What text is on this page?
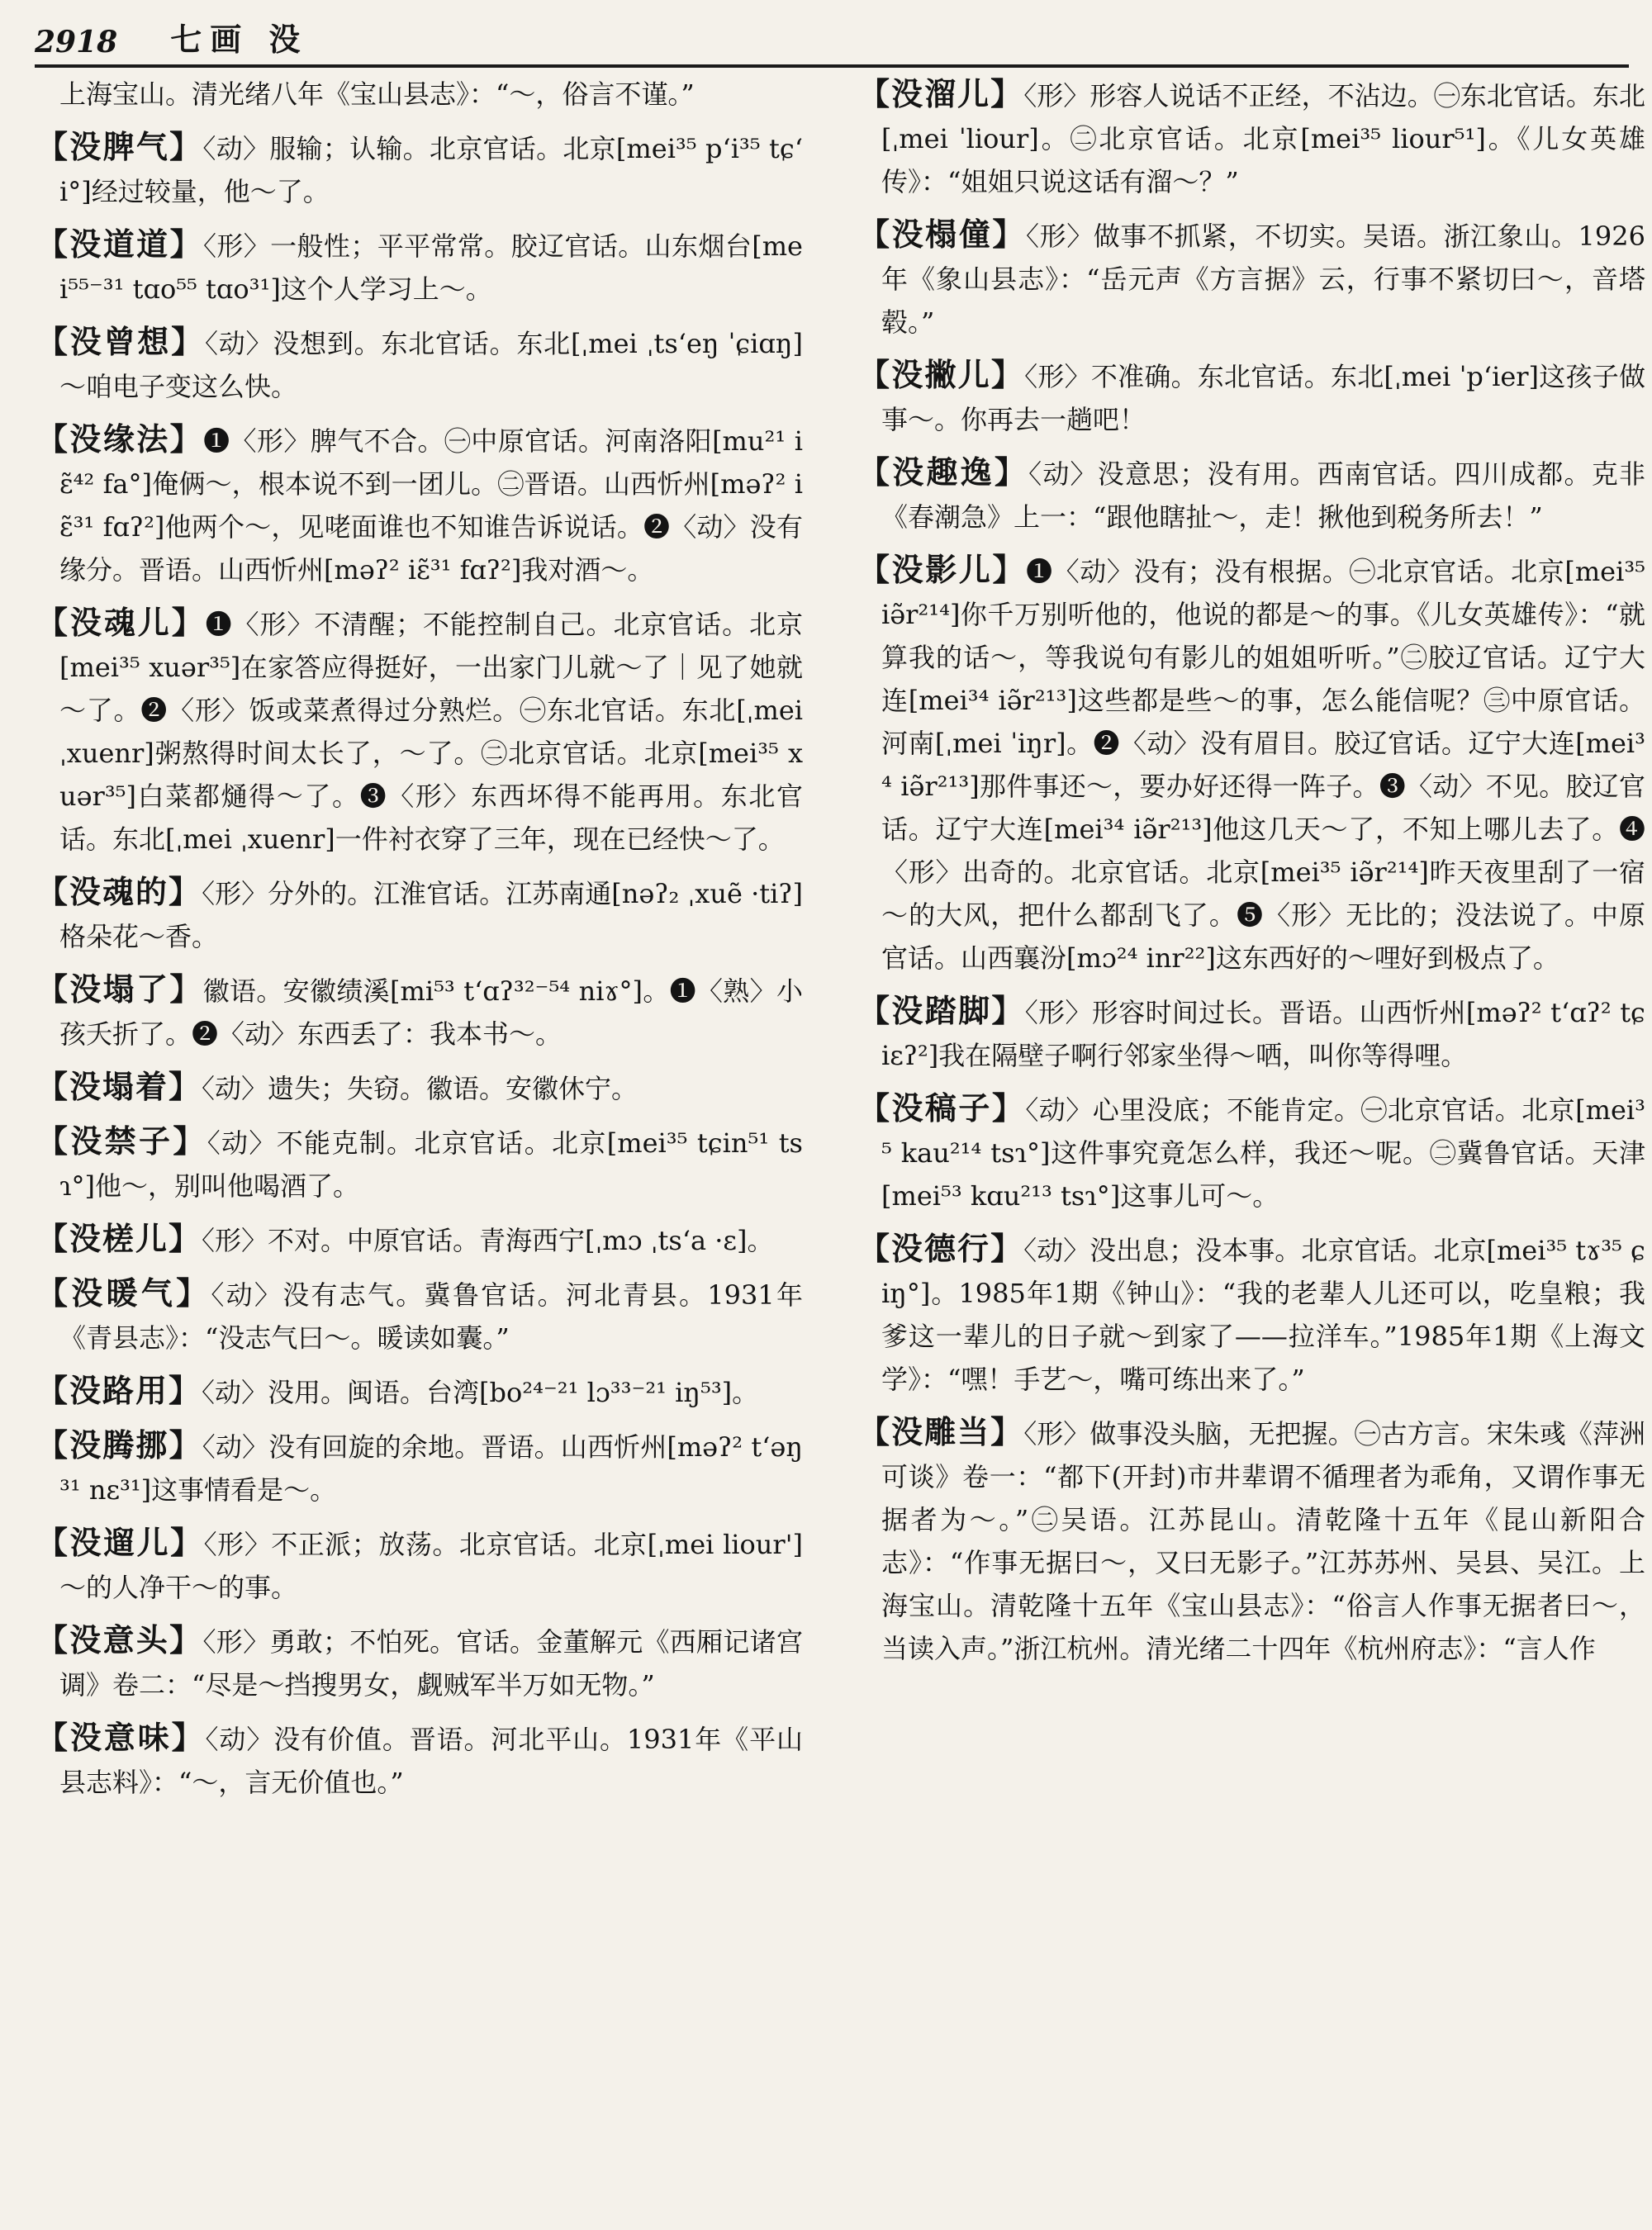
2918 七画 没

上海宝山。清光绪八年《宝山县志》：“～，俗言不谨。”

【没脾气】〈动〉服输；认输。北京官话。北京[mei³⁵ pʻi³⁵ tɕʻi°]经过较量，他～了。

【没道道】〈形〉一般性；平平常常。胶辽官话。山东烟台[mei⁵⁵⁻³¹ tɑo⁵⁵ tɑo³¹]这个人学习上～。

【没曾想】〈动〉没想到。东北官话。东北[ˌmei ˌtsʻeŋ ˈɕiɑŋ]～咱电子变这么快。

【没缘法】❶〈形〉脾气不合。㊀中原官话。河南洛阳[mu²¹ iɛ̃⁴² fa°]俺俩～，根本说不到一团儿。㊁晋语。山西忻州[məʔ² iɛ̃³¹ fɑʔ²]他两个～，见咾面谁也不知谁告诉说话。❷〈动〉没有缘分。晋语。山西忻州[məʔ² iɛ̃³¹ fɑʔ²]我对酒～。

【没魂儿】❶〈形〉不清醒；不能控制自己。北京官话。北京[mei³⁵ xuər³⁵]在家答应得挺好，一出家门儿就～了｜见了她就～了。❷〈形〉饭或菜煮得过分熟烂。㊀东北官话。东北[ˌmei ˌxuenr]粥熬得时间太长了，～了。㊁北京官话。北京[mei³⁵ xuər³⁵]白菜都熥得～了。❸〈形〉东西坏得不能再用。东北官话。东北[ˌmei ˌxuenr]一件衬衣穿了三年，现在已经快～了。

【没魂的】〈形〉分外的。江淮官话。江苏南通[nəʔ₂ ˌxuẽ ·tiʔ]格朵花～香。

【没塌了】徽语。安徽绩溪[mi⁵³ tʻɑʔ³²⁻⁵⁴ niɤ°]。❶〈熟〉小孩夭折了。❷〈动〉东西丢了：我本书～。

【没塌着】〈动〉遗失；失窃。徽语。安徽休宁。

【没禁子】〈动〉不能克制。北京官话。北京[mei³⁵ tɕin⁵¹ tsɿ°]他～，别叫他喝酒了。

【没槎儿】〈形〉不对。中原官话。青海西宁[ˌmɔ ˌtsʻa ·ɛ]。

【没暖气】〈动〉没有志气。冀鲁官话。河北青县。1931年《青县志》：“没志气曰～。暖读如囊。”

【没路用】〈动〉没用。闽语。台湾[bo²⁴⁻²¹ lɔ³³⁻²¹ iŋ⁵³]。

【没腾挪】〈动〉没有回旋的余地。晋语。山西忻州[məʔ² tʻəŋ³¹ nɛ³¹]这事情看是～。

【没遛儿】〈形〉不正派；放荡。北京官话。北京[ˌmei liour']～的人净干～的事。

【没意头】〈形〉勇敢；不怕死。官话。金董解元《西厢记诸宫调》卷二：“尽是～挡搜男女，觑贼军半万如无物。”

【没意味】〈动〉没有价值。晋语。河北平山。1931年《平山县志料》：“～，言无价值也。”

【没溜儿】〈形〉形容人说话不正经，不沾边。㊀东北官话。东北[ˌmei ˈliour]。㊁北京官话。北京[mei³⁵ liour⁵¹]。《儿女英雄传》：“姐姐只说这话有溜～？”

【没榻僮】〈形〉做事不抓紧，不切实。吴语。浙江象山。1926年《象山县志》：“岳元声《方言据》云，行事不紧切曰～，音塔毂。”

【没撇儿】〈形〉不准确。东北官话。东北[ˌmei ˈpʻier]这孩子做事～。你再去一趟吧！

【没趣逸】〈动〉没意思；没有用。西南官话。四川成都。克非《春潮急》上一：“跟他瞎扯～，走！揪他到税务所去！”

【没影儿】❶〈动〉没有；没有根据。㊀北京官话。北京[mei³⁵ iə̃r²¹⁴]你千万别听他的，他说的都是～的事。《儿女英雄传》：“就算我的话～，等我说句有影儿的姐姐听听。”㊁胶辽官话。辽宁大连[mei³⁴ iə̃r²¹³]这些都是些～的事，怎么能信呢？㊂中原官话。河南[ˌmei ˈiŋr]。❷〈动〉没有眉目。胶辽官话。辽宁大连[mei³⁴ iə̃r²¹³]那件事还～，要办好还得一阵子。❸〈动〉不见。胶辽官话。辽宁大连[mei³⁴ iə̃r²¹³]他这几天～了，不知上哪儿去了。❹〈形〉出奇的。北京官话。北京[mei³⁵ iə̃r²¹⁴]昨天夜里刮了一宿～的大风，把什么都刮飞了。❺〈形〉无比的；没法说了。中原官话。山西襄汾[mɔ²⁴ inr²²]这东西好的～哩好到极点了。

【没踏脚】〈形〉形容时间过长。晋语。山西忻州[məʔ² tʻɑʔ² tɕiɛʔ²]我在隔壁子啊行邻家坐得～哂，叫你等得哩。

【没稿子】〈动〉心里没底；不能肯定。㊀北京官话。北京[mei³⁵ kau²¹⁴ tsɿ°]这件事究竟怎么样，我还～呢。㊁冀鲁官话。天津[mei⁵³ kɑu²¹³ tsɿ°]这事儿可～。

【没德行】〈动〉没出息；没本事。北京官话。北京[mei³⁵ tɤ³⁵ ɕiŋ°]。1985年1期《钟山》：“我的老辈人儿还可以，吃皇粮；我爹这一辈儿的日子就～到家了——拉洋车。”1985年1期《上海文学》：“嘿！手艺～，嘴可练出来了。”

【没雕当】〈形〉做事没头脑，无把握。㊀古方言。宋朱彧《萍洲可谈》卷一：“都下(开封)市井辈谓不循理者为乖角，又谓作事无据者为～。”㊁吴语。江苏昆山。清乾隆十五年《昆山新阳合志》：“作事无据曰～，又曰无影子。”江苏苏州、吴县、吴江。上海宝山。清乾隆十五年《宝山县志》：“俗言人作事无据者曰～，当读入声。”浙江杭州。清光绪二十四年《杭州府志》：“言人作
